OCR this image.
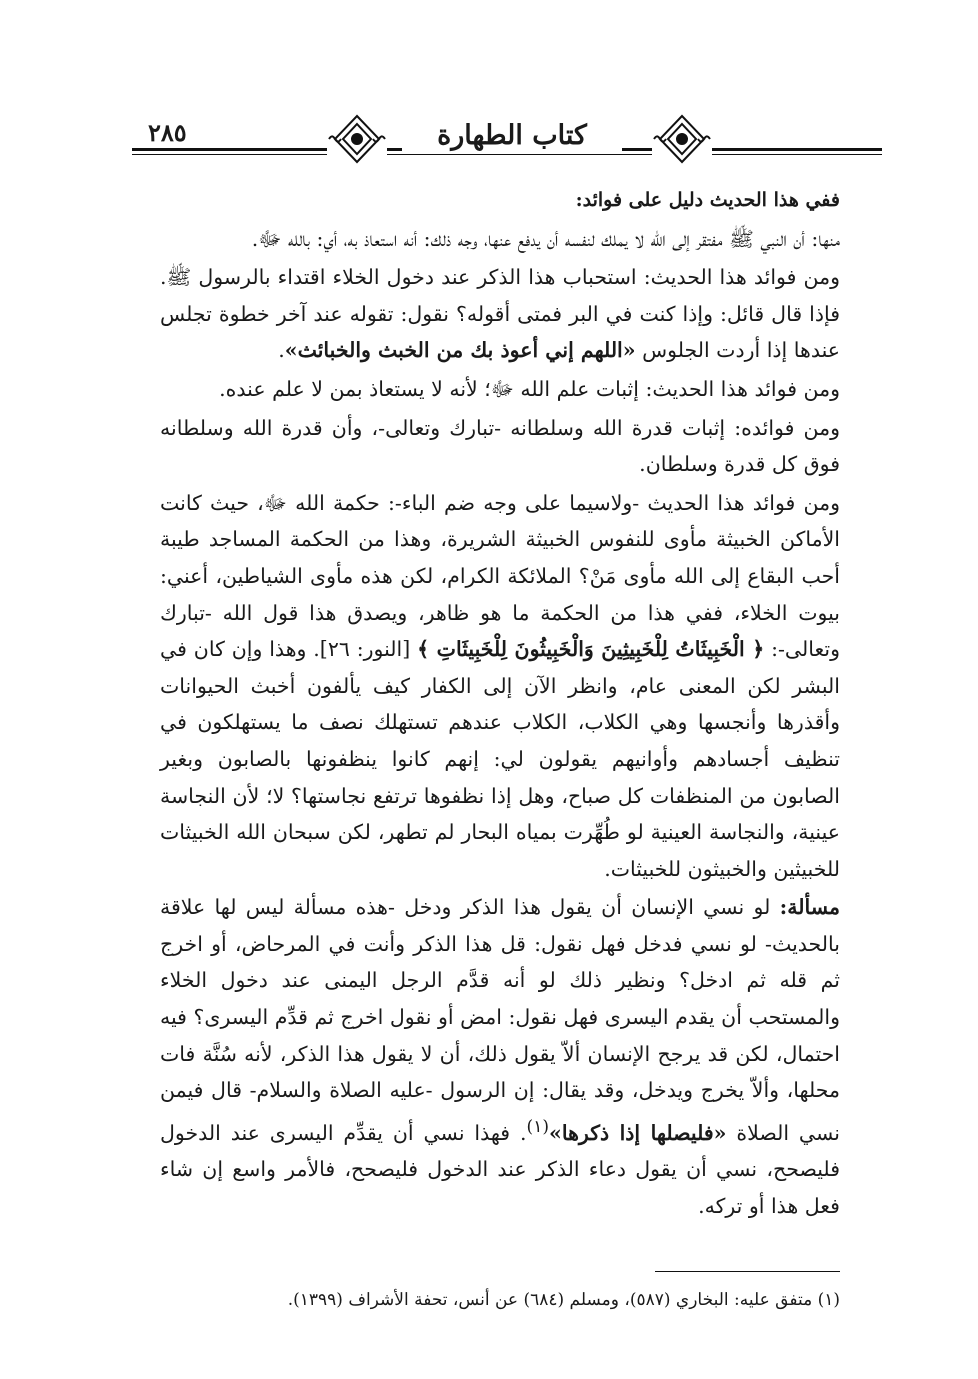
٢٨٥	كتاب الطهارة

ففي هذا الحديث دليل على فوائد:

منها: أن النبي ﷺ مفتقر إلى الله لا يملك لنفسه أن يدفع عنها، وجه ذلك: أنه استعاذ به، أي: بالله ﷻ.

ومن فوائد هذا الحديث: استحباب هذا الذكر عند دخول الخلاء اقتداء بالرسول ﷺ. فإذا قال قائل: وإذا كنت في البر فمتى أقوله؟ نقول: تقوله عند آخر خطوة تجلس عندها إذا أردت الجلوس «اللهم إني أعوذ بك من الخبث والخبائث».

ومن فوائد هذا الحديث: إثبات علم الله ﷻ؛ لأنه لا يستعاذ بمن لا علم عنده.

ومن فوائده: إثبات قدرة الله وسلطانه -تبارك وتعالى-، وأن قدرة الله وسلطانه فوق كل قدرة وسلطان.

ومن فوائد هذا الحديث -ولاسيما على وجه ضم الباء-: حكمة الله ﷻ، حيث كانت الأماكن الخبيثة مأوى للنفوس الخبيثة الشريرة، وهذا من الحكمة المساجد طيبة أحب البقاع إلى الله مأوى مَنْ؟ الملائكة الكرام، لكن هذه مأوى الشياطين، أعني: بيوت الخلاء، ففي هذا من الحكمة ما هو ظاهر، ويصدق هذا قول الله -تبارك وتعالى-: ﴿ الْخَبِيثَاتُ لِلْخَبِيثِينَ وَالْخَبِيثُونَ لِلْخَبِيثَاتِ ﴾ [النور: ٢٦]. وهذا وإن كان في البشر لكن المعنى عام، وانظر الآن إلى الكفار كيف يألفون أخبث الحيوانات وأقذرها وأنجسها وهي الكلاب، الكلاب عندهم تستهلك نصف ما يستهلكون في تنظيف أجسادهم وأوانيهم يقولون لي: إنهم كانوا ينظفونها بالصابون وبغير الصابون من المنظفات كل صباح، وهل إذا نظفوها ترتفع نجاستها؟ لا؛ لأن النجاسة عينية، والنجاسة العينية لو طُهِّرت بمياه البحار لم تطهر، لكن سبحان الله الخبيثات للخبيثين والخبيثون للخبيثات.

مسألة: لو نسي الإنسان أن يقول هذا الذكر ودخل -هذه مسألة ليس لها علاقة بالحديث- لو نسي فدخل فهل نقول: قل هذا الذكر وأنت في المرحاض، أو اخرج ثم قله ثم ادخل؟ ونظير ذلك لو أنه قدَّم الرجل اليمنى عند دخول الخلاء والمستحب أن يقدم اليسرى فهل نقول: امض أو نقول اخرج ثم قدِّم اليسرى؟ فيه احتمال، لكن قد يرجح الإنسان ألاّ يقول ذلك، أن لا يقول هذا الذكر، لأنه سُنَّة فات محلها، وألاّ يخرج ويدخل، وقد يقال: إن الرسول -عليه الصلاة والسلام- قال فيمن نسي الصلاة «فليصلها إذا ذكرها»$^{(١)}$. فهذا نسي أن يقدِّم اليسرى عند الدخول فليصحح، نسي أن يقول دعاء الذكر عند الدخول فليصحح، فالأمر واسع إن شاء فعل هذا أو تركه.

(١) متفق عليه: البخاري (٥٨٧)، ومسلم (٦٨٤) عن أنس، تحفة الأشراف (١٣٩٩).
